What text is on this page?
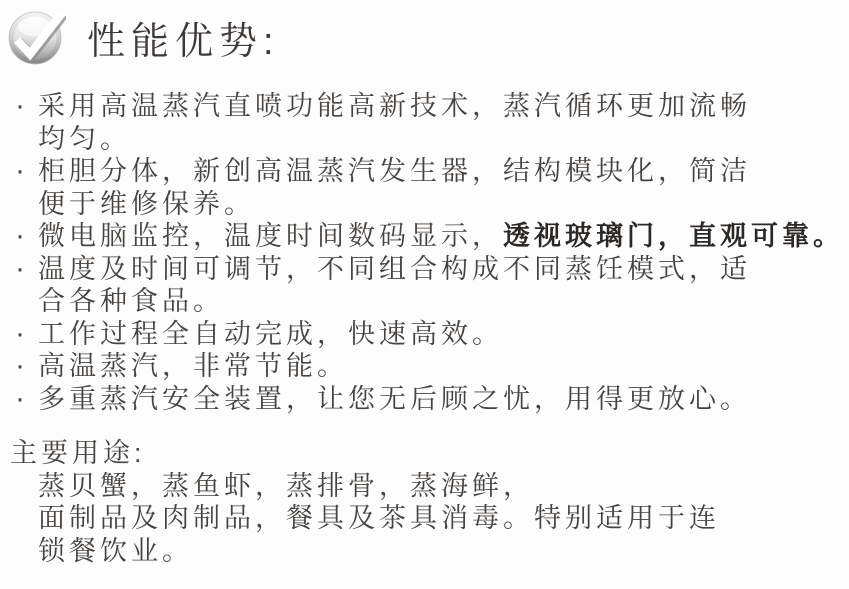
性能优势:
· 采用高温蒸汽直喷功能高新技术，蒸汽循环更加流畅
均匀。
· 柜胆分体，新创高温蒸汽发生器，结构模块化，简洁
便于维修保养。
· 微电脑监控，温度时间数码显示，透视玻璃门，直观可靠。
· 温度及时间可调节，不同组合构成不同蒸饪模式，适
合各种食品。
· 工作过程全自动完成，快速高效。
· 高温蒸汽，非常节能。
· 多重蒸汽安全装置，让您无后顾之忧，用得更放心。
主要用途:
蒸贝蟹，蒸鱼虾，蒸排骨，蒸海鲜，
面制品及肉制品，餐具及茶具消毒。特别适用于连
锁餐饮业。
